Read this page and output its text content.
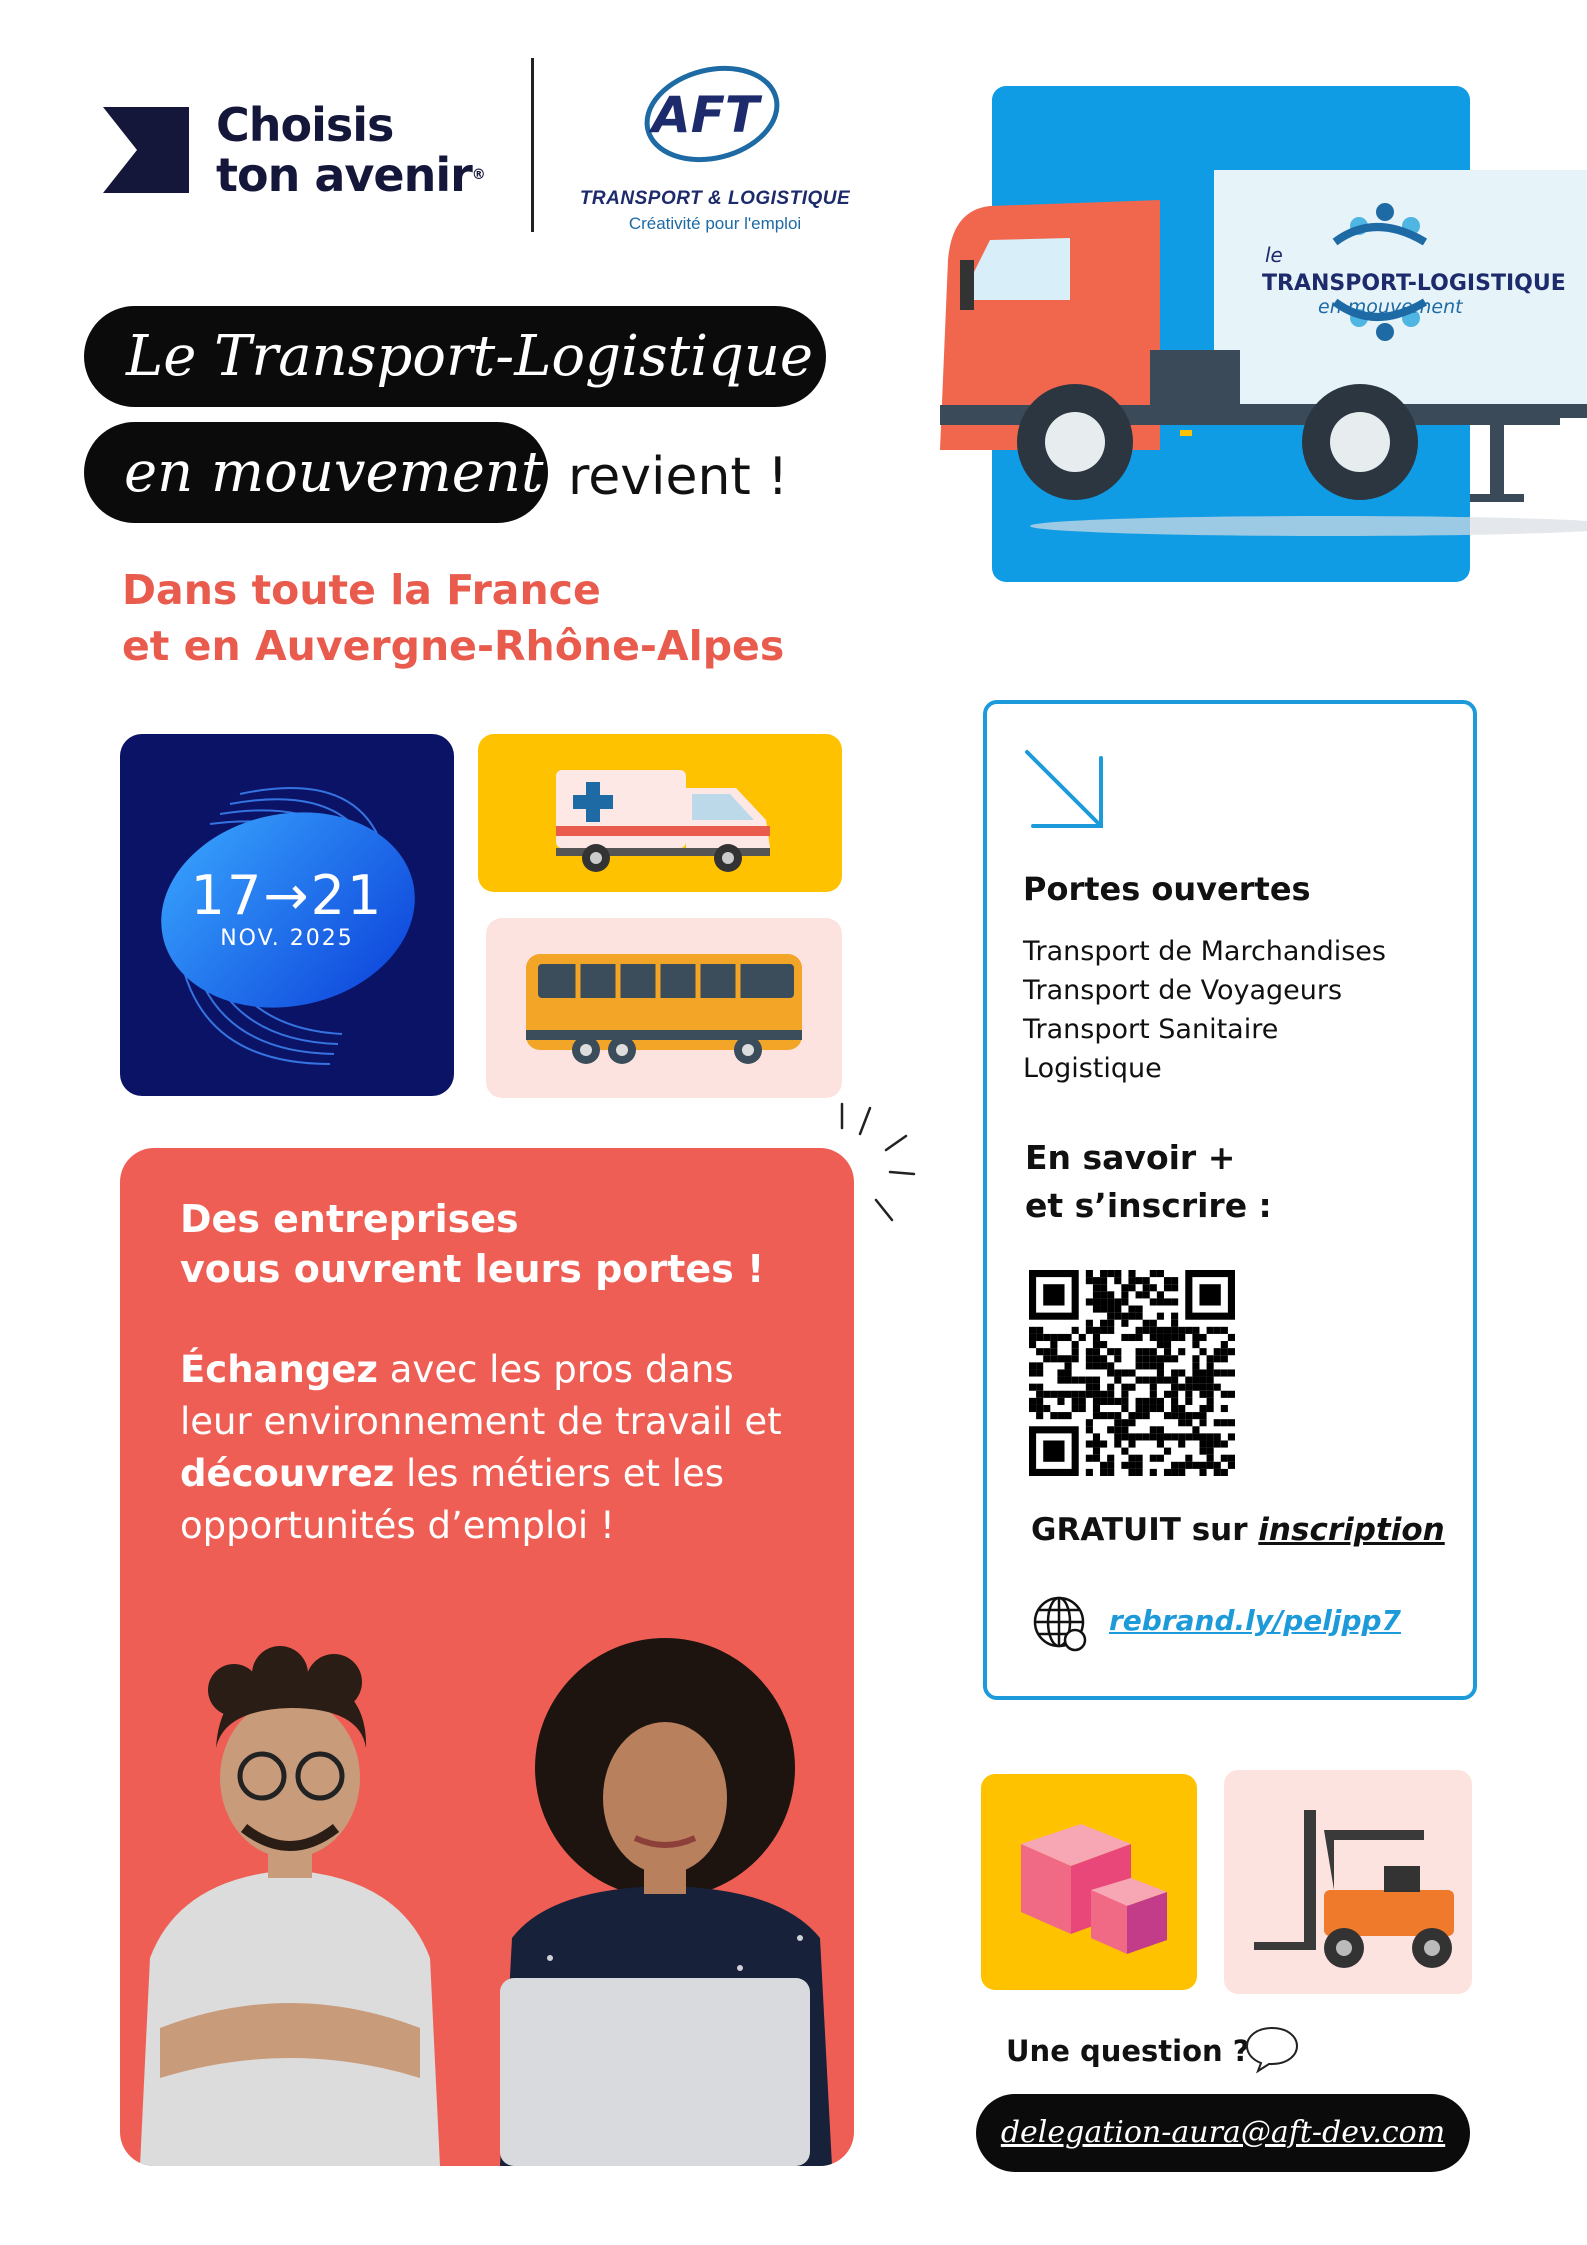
Choisis
ton avenir®
AFT
TRANSPORT & LOGISTIQUE
Créativité pour l'emploi
Le Transport-Logistique
en mouvement revient !
Dans toute la France
et en Auvergne-Rhône-Alpes
le
TRANSPORT-LOGISTIQUE
en mouvement
17→21
NOV. 2025
Des entreprises
vous ouvrent leurs portes !
Échangez avec les pros dans leur environnement de travail et découvrez les métiers et les opportunités d’emploi !
Portes ouvertes
Transport de Marchandises
Transport de Voyageurs
Transport Sanitaire
Logistique
En savoir +
et s’inscrire :
GRATUIT sur inscription
rebrand.ly/peljpp7
Une question ?
delegation-aura@aft-dev.com
